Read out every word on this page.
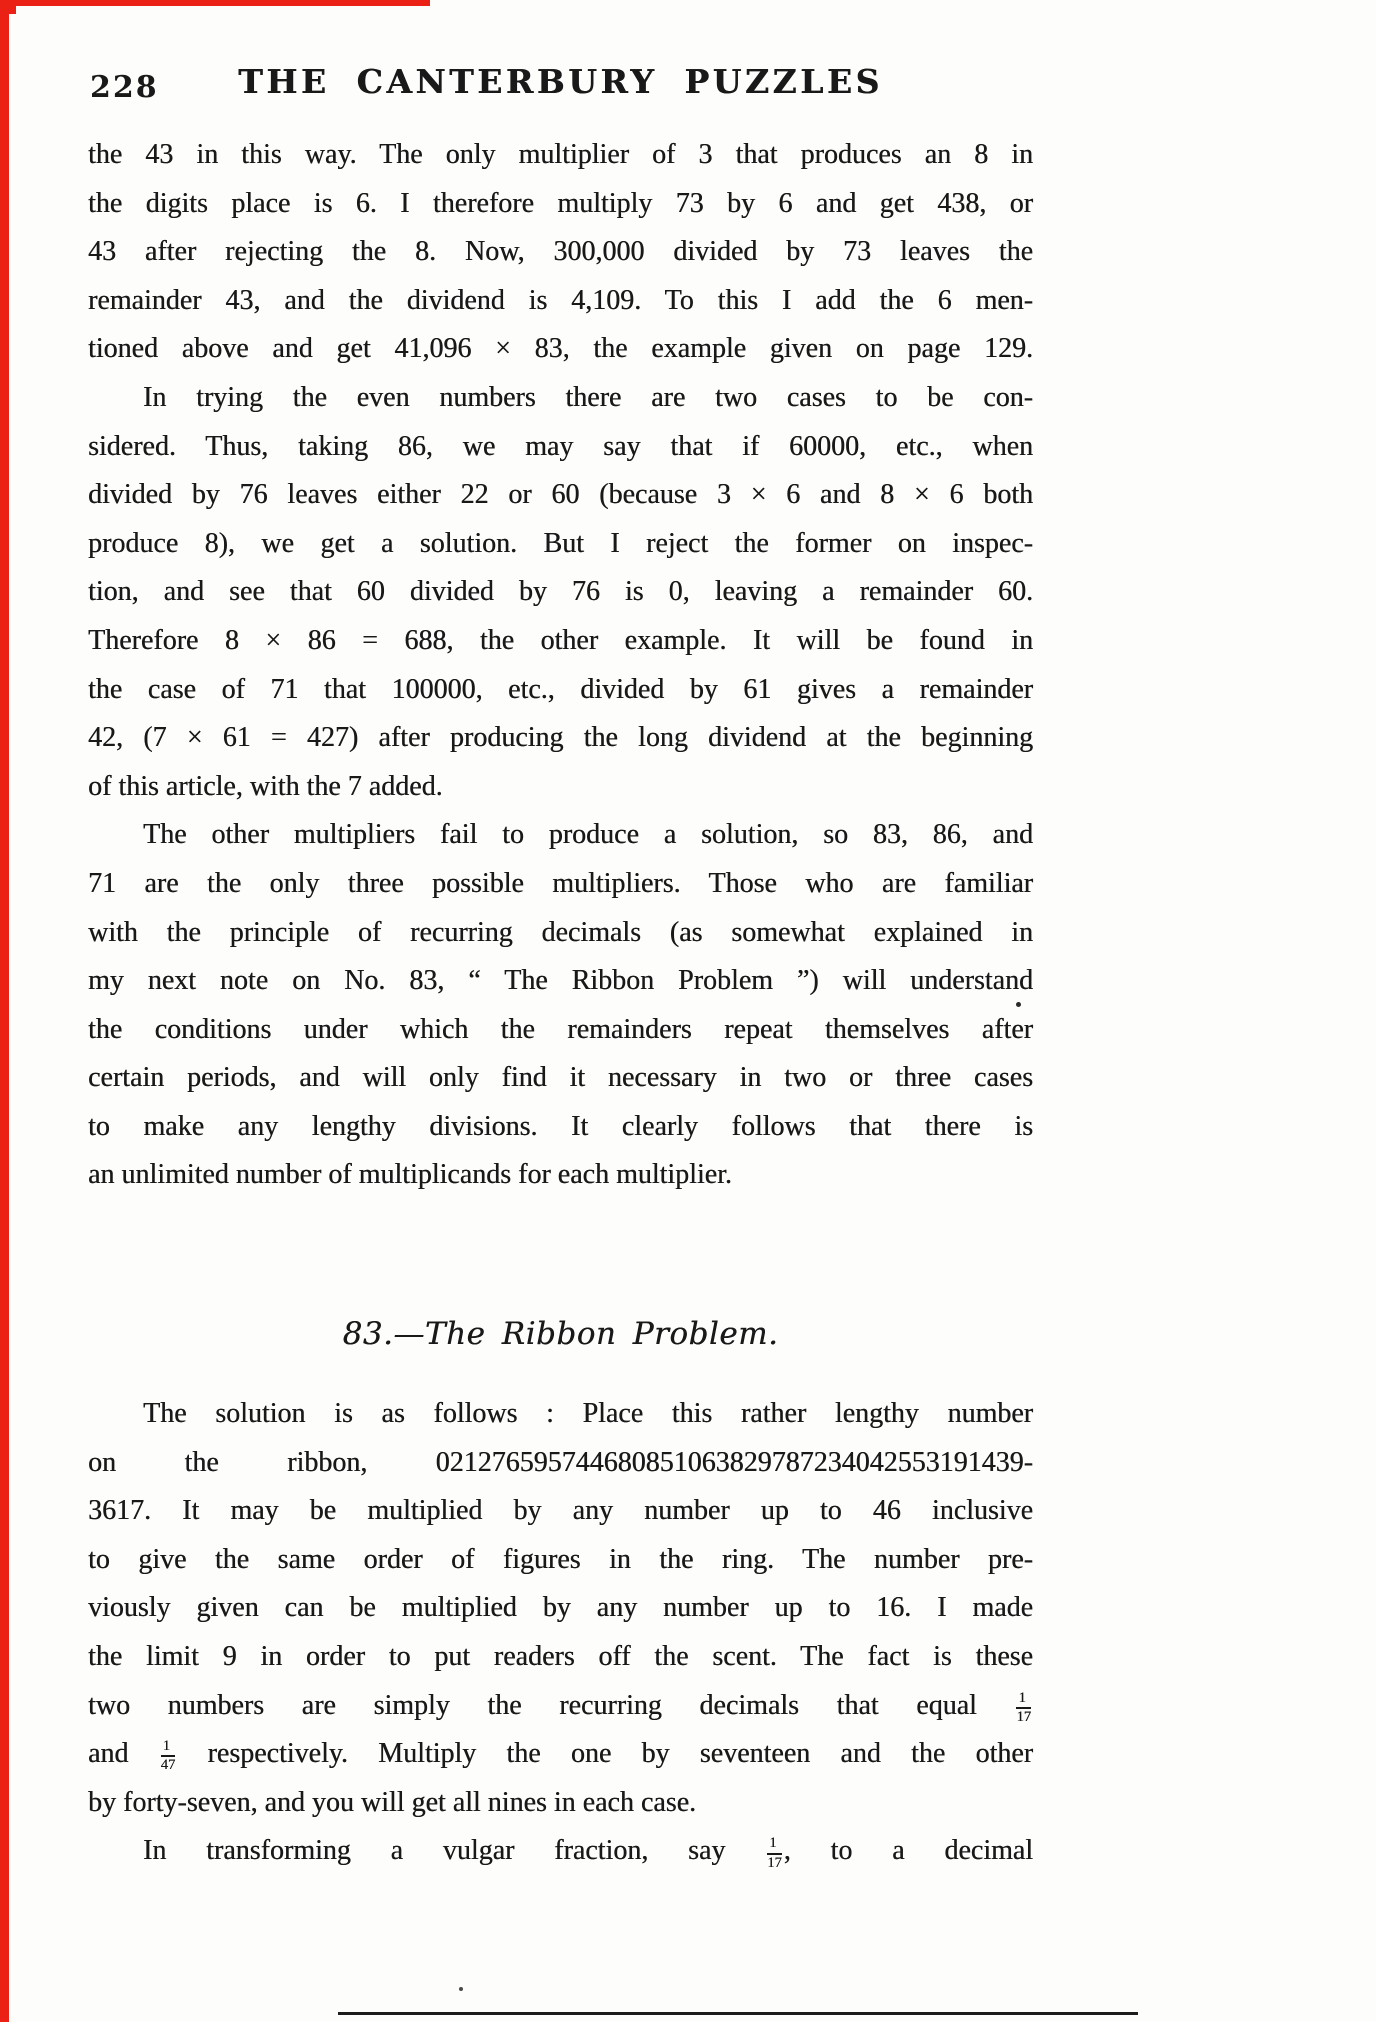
228	THE CANTERBURY PUZZLES
the 43 in this way. The only multiplier of 3 that produces an 8 in
the digits place is 6. I therefore multiply 73 by 6 and get 438, or
43 after rejecting the 8. Now, 300,000 divided by 73 leaves the
remainder 43, and the dividend is 4,109. To this I add the 6 men-
tioned above and get 41,096 × 83, the example given on page 129.
In trying the even numbers there are two cases to be con-
sidered. Thus, taking 86, we may say that if 60000, etc., when
divided by 76 leaves either 22 or 60 (because 3 × 6 and 8 × 6 both
produce 8), we get a solution. But I reject the former on inspec-
tion, and see that 60 divided by 76 is 0, leaving a remainder 60.
Therefore 8 × 86 = 688, the other example. It will be found in
the case of 71 that 100000, etc., divided by 61 gives a remainder
42, (7 × 61 = 427) after producing the long dividend at the beginning
of this article, with the 7 added.
The other multipliers fail to produce a solution, so 83, 86, and
71 are the only three possible multipliers. Those who are familiar
with the principle of recurring decimals (as somewhat explained in
my next note on No. 83, “ The Ribbon Problem ”) will understand
the conditions under which the remainders repeat themselves after
certain periods, and will only find it necessary in two or three cases
to make any lengthy divisions. It clearly follows that there is
an unlimited number of multiplicands for each multiplier.
83.—The Ribbon Problem.
The solution is as follows : Place this rather lengthy number
on the ribbon, 021276595744680851063829787234042553191439-
3617. It may be multiplied by any number up to 46 inclusive
to give the same order of figures in the ring. The number pre-
viously given can be multiplied by any number up to 16. I made
the limit 9 in order to put readers off the scent. The fact is these
two numbers are simply the recurring decimals that equal	$\frac{1}{17}$
and $\frac{1}{47}$ respectively. Multiply the one by seventeen and the other
by forty-seven, and you will get all nines in each case.
In transforming a vulgar fraction, say	$\frac{1}{17}$ , to a decimal
